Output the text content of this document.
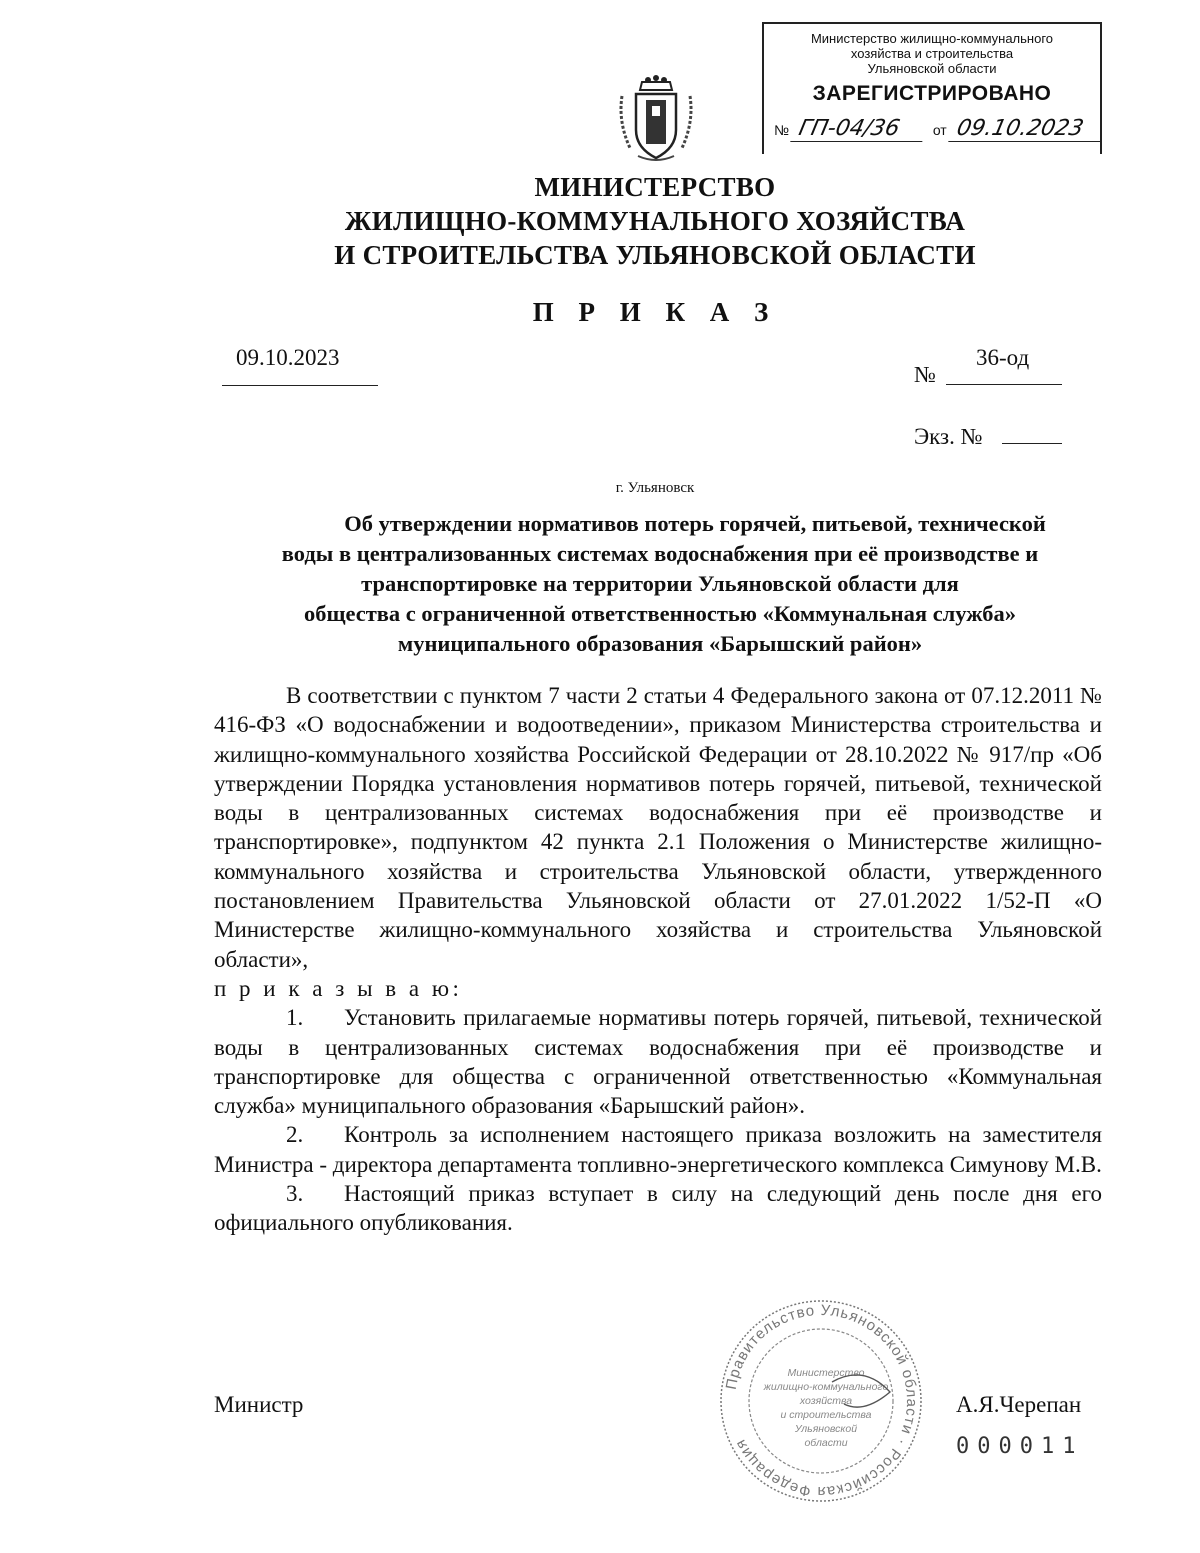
Министерство жилищно-коммунального
хозяйства и строительства
Ульяновской области
ЗАРЕГИСТРИРОВАНО
№ ГП-04/36 от 09.10.2023
МИНИСТЕРСТВО
ЖИЛИЩНО-КОММУНАЛЬНОГО ХОЗЯЙСТВА
И СТРОИТЕЛЬСТВА УЛЬЯНОВСКОЙ ОБЛАСТИ
П Р И К А З
09.10.2023
№
36-од
Экз. №
г. Ульяновск

Об утверждении нормативов потерь горячей, питьевой, технической

воды в централизованных системах водоснабжения при её производстве и

транспортировке на территории Ульяновской области для

общества с ограниченной ответственностью «Коммунальная служба»

муниципального образования «Барышский район»

В соответствии с пунктом 7 части 2 статьи 4 Федерального закона от 07.12.2011 № 416-ФЗ «О водоснабжении и водоотведении», приказом Министерства строительства и жилищно-коммунального хозяйства Российской Федерации от 28.10.2022 № 917/пр «Об утверждении Порядка установления нормативов потерь горячей, питьевой, технической воды в централизованных системах водоснабжения при её производстве и транспортировке», подпунктом 42 пункта 2.1 Положения о Министерстве жилищно-коммунального хозяйства и строительства Ульяновской области, утвержденного постановлением Правительства Ульяновской области от 27.01.2022 1/52-П «О Министерстве жилищно-коммунального хозяйства и строительства Ульяновской области»,

п р и к а з ы в а ю:

1. Установить прилагаемые нормативы потерь горячей, питьевой, технической воды в централизованных системах водоснабжения при её производстве и транспортировке для общества с ограниченной ответственностью «Коммунальная служба» муниципального образования «Барышский район».

2. Контроль за исполнением настоящего приказа возложить на заместителя Министра - директора департамента топливно-энергетического комплекса Симунову М.В.

3. Настоящий приказ вступает в силу на следующий день после дня его официального опубликования.

Правительство Ульяновской области · Российская Федерация
Министерство
жилищно-коммунального
хозяйства
и строительства
Ульяновской
области
Министр	А.Я.Черепан
000011
